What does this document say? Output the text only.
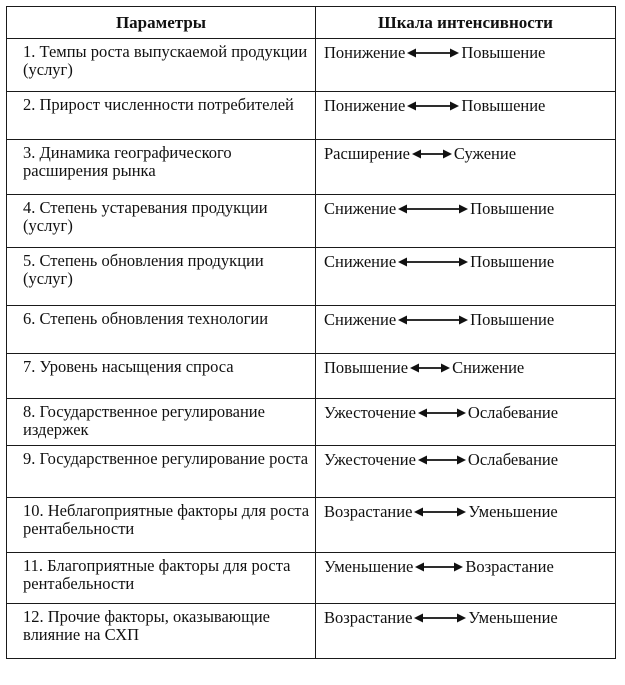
Параметры	Шкала интенсивности
1. Темпы роста выпускаемой продукции (услуг)	Понижение Повышение

2. Прирост численности потребителей	Понижение Повышение

3. Динамика географического расширения рынка	Расширение Сужение

4. Степень устаревания продукции (услуг)	Снижение Повышение

5. Степень обновления продукции (услуг)	Снижение Повышение

6. Степень обновления технологии	Снижение Повышение

7. Уровень насыщения спроса	Повышение Снижение

8. Государственное регулирование издержек	Ужесточение Ослабевание

9. Государственное регулирование роста	Ужесточение Ослабевание

10. Неблагоприятные факторы для роста рентабельности	Возрастание Уменьшение

11. Благоприятные факторы для роста рентабельности	Уменьшение Возрастание

12. Прочие факторы, оказывающие влияние на СХП	Возрастание Уменьшение
